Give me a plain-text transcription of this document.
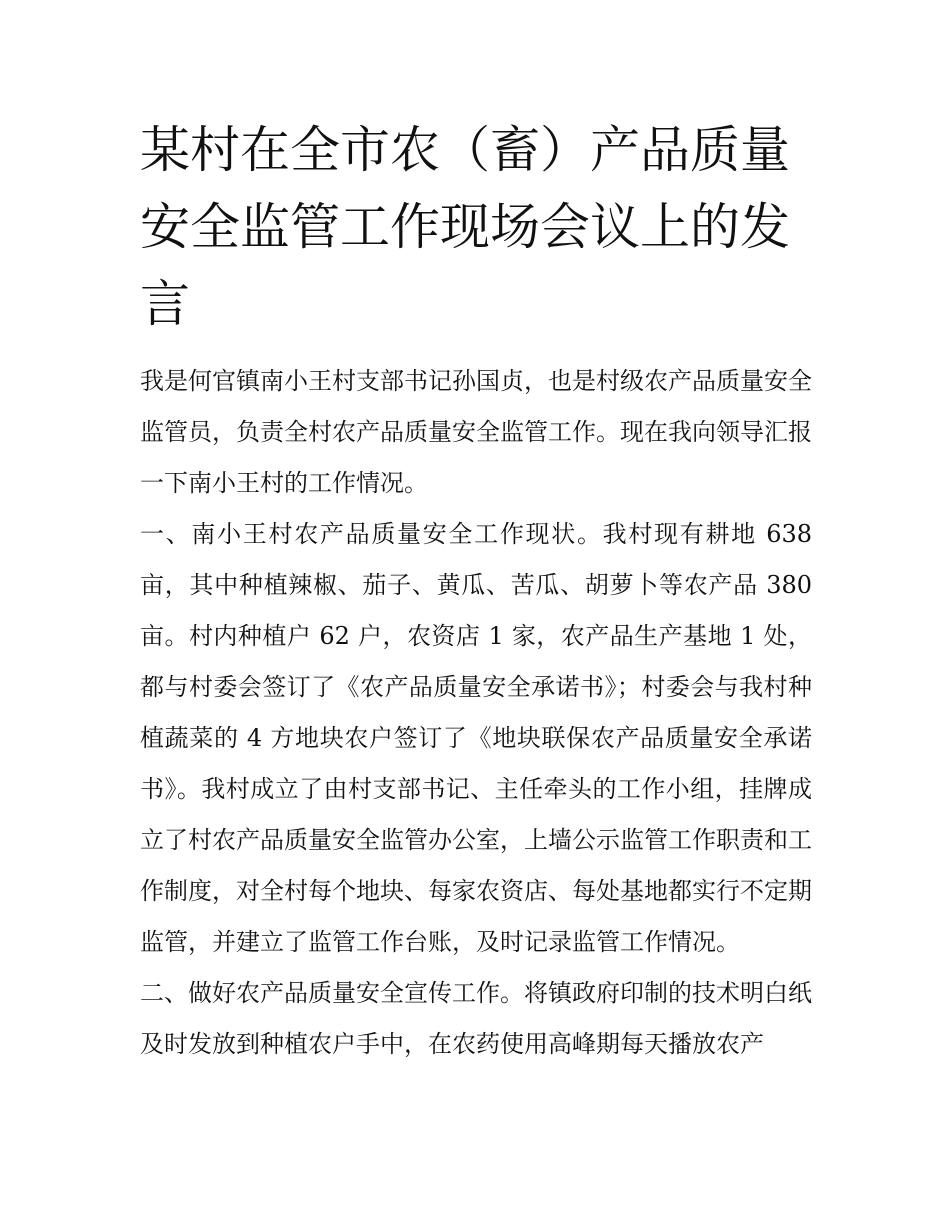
某村在全市农（畜）产品质量安全监管工作现场会议上的发言

我是何官镇南小王村支部书记孙国贞，也是村级农产品质量安全监管员，负责全村农产品质量安全监管工作。现在我向领导汇报一下南小王村的工作情况。

一、南小王村农产品质量安全工作现状。我村现有耕地 638 亩，其中种植辣椒、茄子、黄瓜、苦瓜、胡萝卜等农产品 380 亩。村内种植户 62 户，农资店 1 家，农产品生产基地 1 处，都与村委会签订了《农产品质量安全承诺书》；村委会与我村种植蔬菜的 4 方地块农户签订了《地块联保农产品质量安全承诺书》。我村成立了由村支部书记、主任牵头的工作小组，挂牌成立了村农产品质量安全监管办公室，上墙公示监管工作职责和工作制度，对全村每个地块、每家农资店、每处基地都实行不定期监管，并建立了监管工作台账，及时记录监管工作情况。

二、做好农产品质量安全宣传工作。将镇政府印制的技术明白纸及时发放到种植农户手中，在农药使用高峰期每天播放农产
